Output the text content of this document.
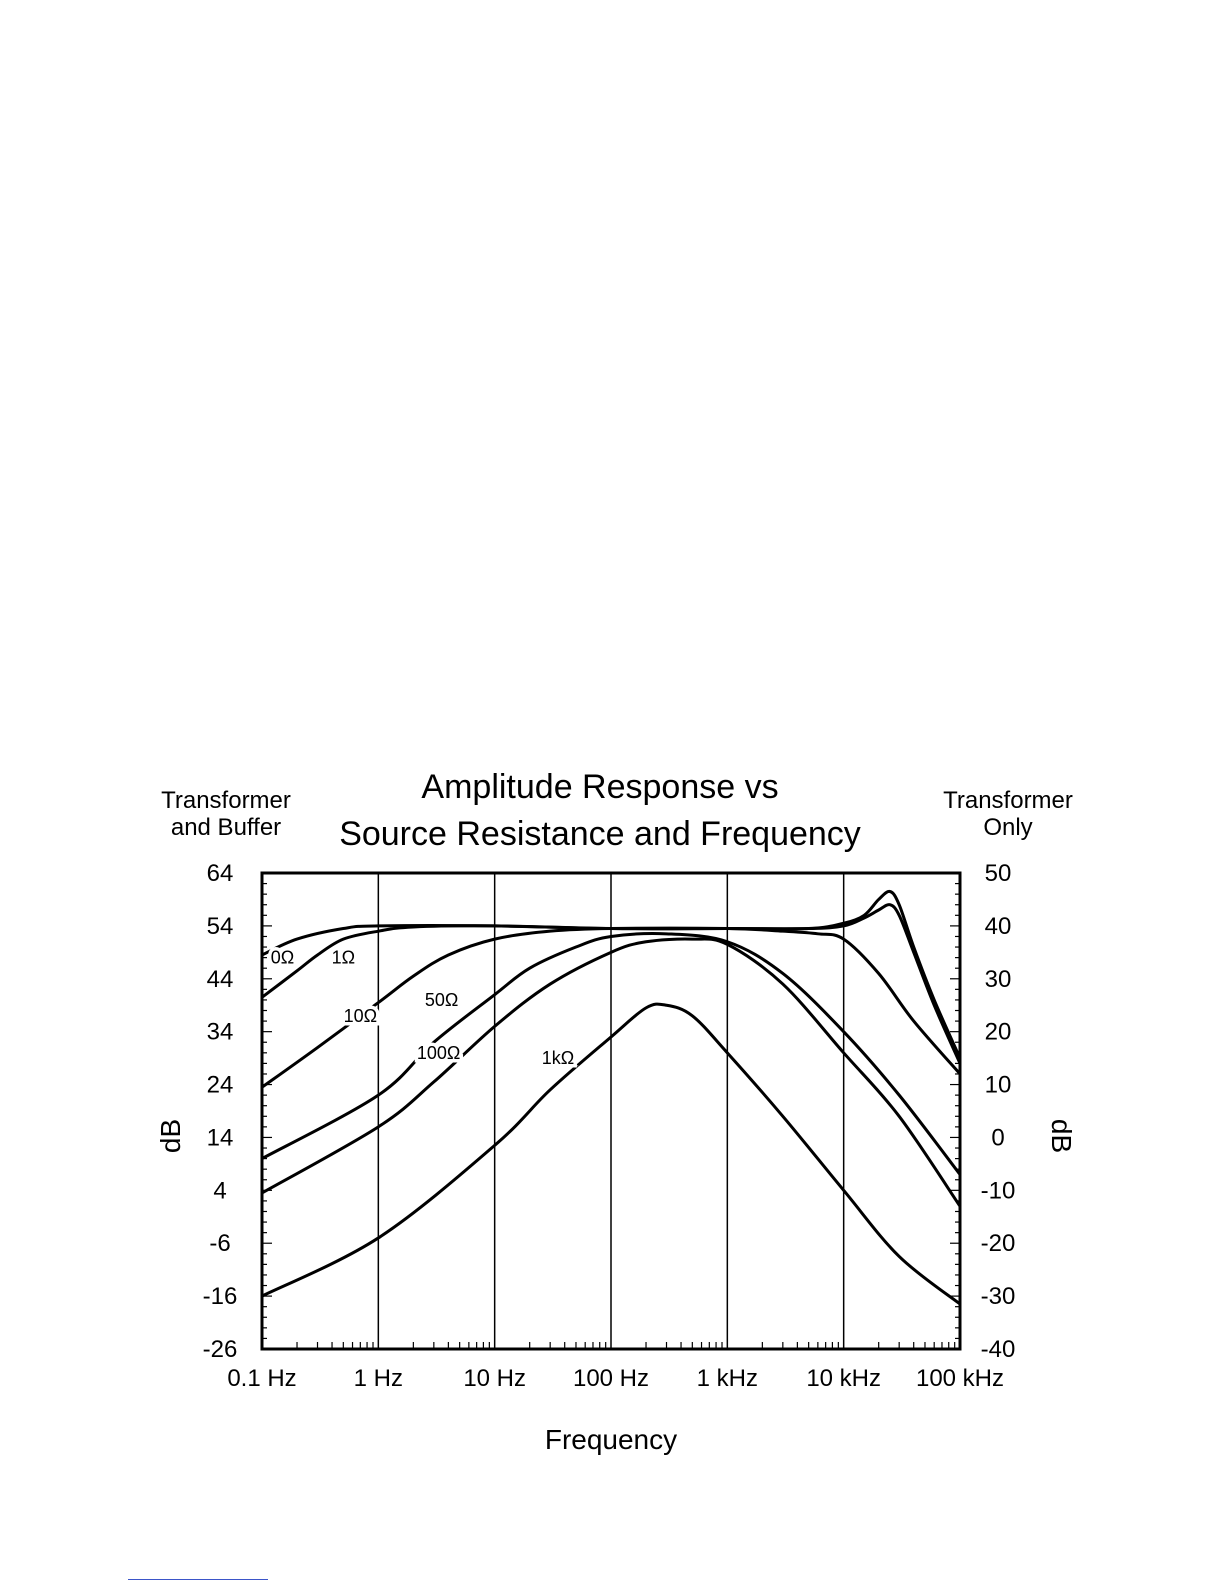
Amplitude Response vs
Source Resistance and Frequency
Transformer
and Buffer
Transformer
Only
0Ω 1Ω
10Ω
50Ω
100Ω	1kΩ
0.1 Hz 1 Hz	10 Hz 100 Hz 1 kHz 10 kHz 100 kHz
64
54
44
34
24
14
4
-6
-16
-26
50
40
30
20
10
0
-10
-20
-30
-40
Frequency
dB	dB
